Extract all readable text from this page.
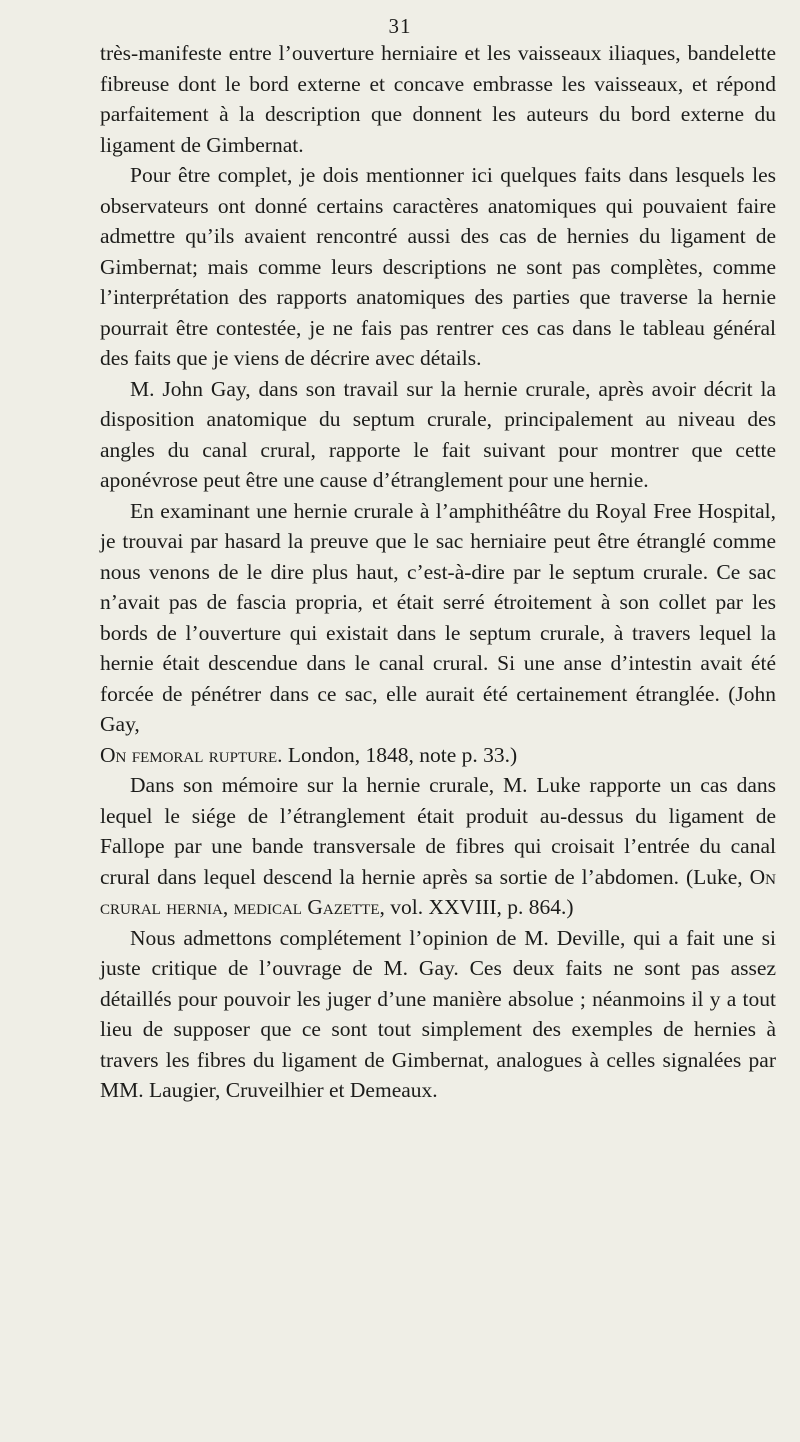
31

très-manifeste entre l’ouverture herniaire et les vaisseaux iliaques, bandelette fibreuse dont le bord externe et concave embrasse les vaisseaux, et répond parfaitement à la description que donnent les auteurs du bord externe du ligament de Gimbernat.

Pour être complet, je dois mentionner ici quelques faits dans lesquels les observateurs ont donné certains caractères anatomiques qui pouvaient faire admettre qu’ils avaient rencontré aussi des cas de hernies du ligament de Gimbernat; mais comme leurs descriptions ne sont pas complètes, comme l’interprétation des rapports anatomiques des parties que traverse la hernie pourrait être contestée, je ne fais pas rentrer ces cas dans le tableau général des faits que je viens de décrire avec détails.

M. John Gay, dans son travail sur la hernie crurale, après avoir décrit la disposition anatomique du septum crurale, principalement au niveau des angles du canal crural, rapporte le fait suivant pour montrer que cette aponévrose peut être une cause d’étranglement pour une hernie.

En examinant une hernie crurale à l’amphithéâtre du Royal Free Hospital, je trouvai par hasard la preuve que le sac herniaire peut être étranglé comme nous venons de le dire plus haut, c’est-à-dire par le septum crurale. Ce sac n’avait pas de fascia propria, et était serré étroitement à son collet par les bords de l’ouverture qui existait dans le septum crurale, à travers lequel la hernie était descendue dans le canal crural. Si une anse d’intestin avait été forcée de pénétrer dans ce sac, elle aurait été certainement étranglée. (John Gay,
On femoral rupture. London, 1848, note p. 33.)

Dans son mémoire sur la hernie crurale, M. Luke rapporte un cas dans lequel le siége de l’étranglement était produit au-dessus du ligament de Fallope par une bande transversale de fibres qui croisait l’entrée du canal crural dans lequel descend la hernie après sa sortie de l’abdomen. (Luke, On crural hernia, medical Gazette, vol. XXVIII, p. 864.)

Nous admettons complétement l’opinion de M. Deville, qui a fait une si juste critique de l’ouvrage de M. Gay. Ces deux faits ne sont pas assez détaillés pour pouvoir les juger d’une manière absolue ; néanmoins il y a tout lieu de supposer que ce sont tout simplement des exemples de hernies à travers les fibres du ligament de Gimbernat, analogues à celles signalées par MM. Laugier, Cruveilhier et Demeaux.
